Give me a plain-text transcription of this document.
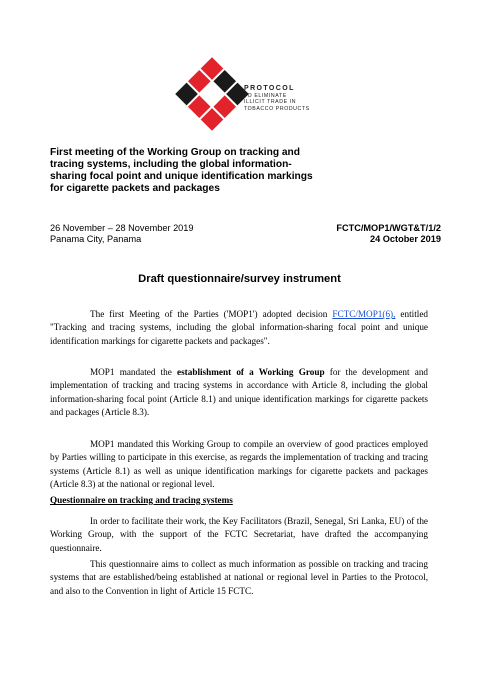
PROTOCOL
TO ELIMINATE
ILLICIT TRADE IN
TOBACCO PRODUCTS
First meeting of the Working Group on tracking and tracing systems, including the global information-sharing focal point and unique identification markings for cigarette packets and packages
26 November – 28 November 2019
Panama City, Panama
FCTC/MOP1/WGT&T/1/2
24 October 2019
Draft questionnaire/survey instrument

The first Meeting of the Parties ('MOP1') adopted decision FCTC/MOP1(6), entitled "Tracking and tracing systems, including the global information-sharing focal point and unique identification markings for cigarette packets and packages".

MOP1 mandated the establishment of a Working Group for the development and implementation of tracking and tracing systems in accordance with Article 8, including the global information-sharing focal point (Article 8.1) and unique identification markings for cigarette packets and packages (Article 8.3).

MOP1 mandated this Working Group to compile an overview of good practices employed by Parties willing to participate in this exercise, as regards the implementation of tracking and tracing systems (Article 8.1) as well as unique identification markings for cigarette packets and packages (Article 8.3) at the national or regional level.

Questionnaire on tracking and tracing systems

In order to facilitate their work, the Key Facilitators (Brazil, Senegal, Sri Lanka, EU) of the Working Group, with the support of the FCTC Secretariat, have drafted the accompanying questionnaire.

This questionnaire aims to collect as much information as possible on tracking and tracing systems that are established/being established at national or regional level in Parties to the Protocol, and also to the Convention in light of Article 15 FCTC.
